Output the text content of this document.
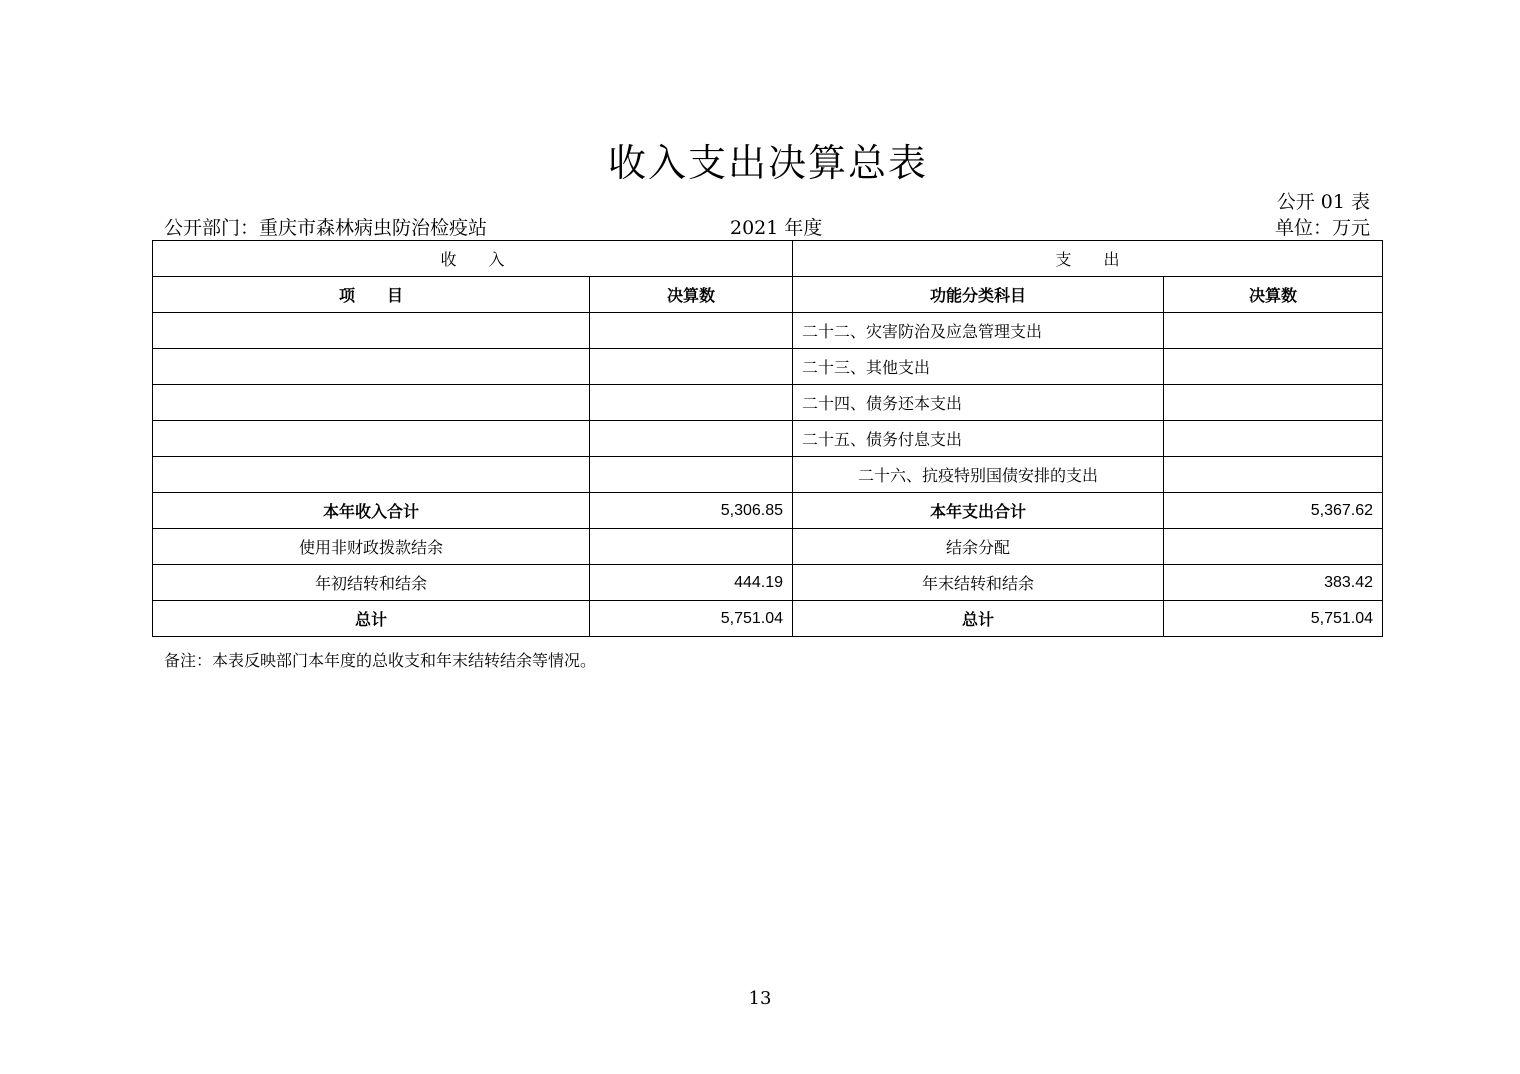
收入支出决算总表
公开 01 表
公开部门：重庆市森林病虫防治检疫站	2021 年度	单位：万元
收　　入		支　　出	
项　　目	决算数	功能分类科目	决算数
		二十二、灾害防治及应急管理支出	
		二十三、其他支出	
		二十四、债务还本支出	
		二十五、债务付息支出	
		二十六、抗疫特别国债安排的支出	
本年收入合计	5,306.85	本年支出合计	5,367.62
使用非财政拨款结余		结余分配	
年初结转和结余	444.19	年末结转和结余	383.42
总计	5,751.04	总计	5,751.04
备注：本表反映部门本年度的总收支和年末结转结余等情况。
13
